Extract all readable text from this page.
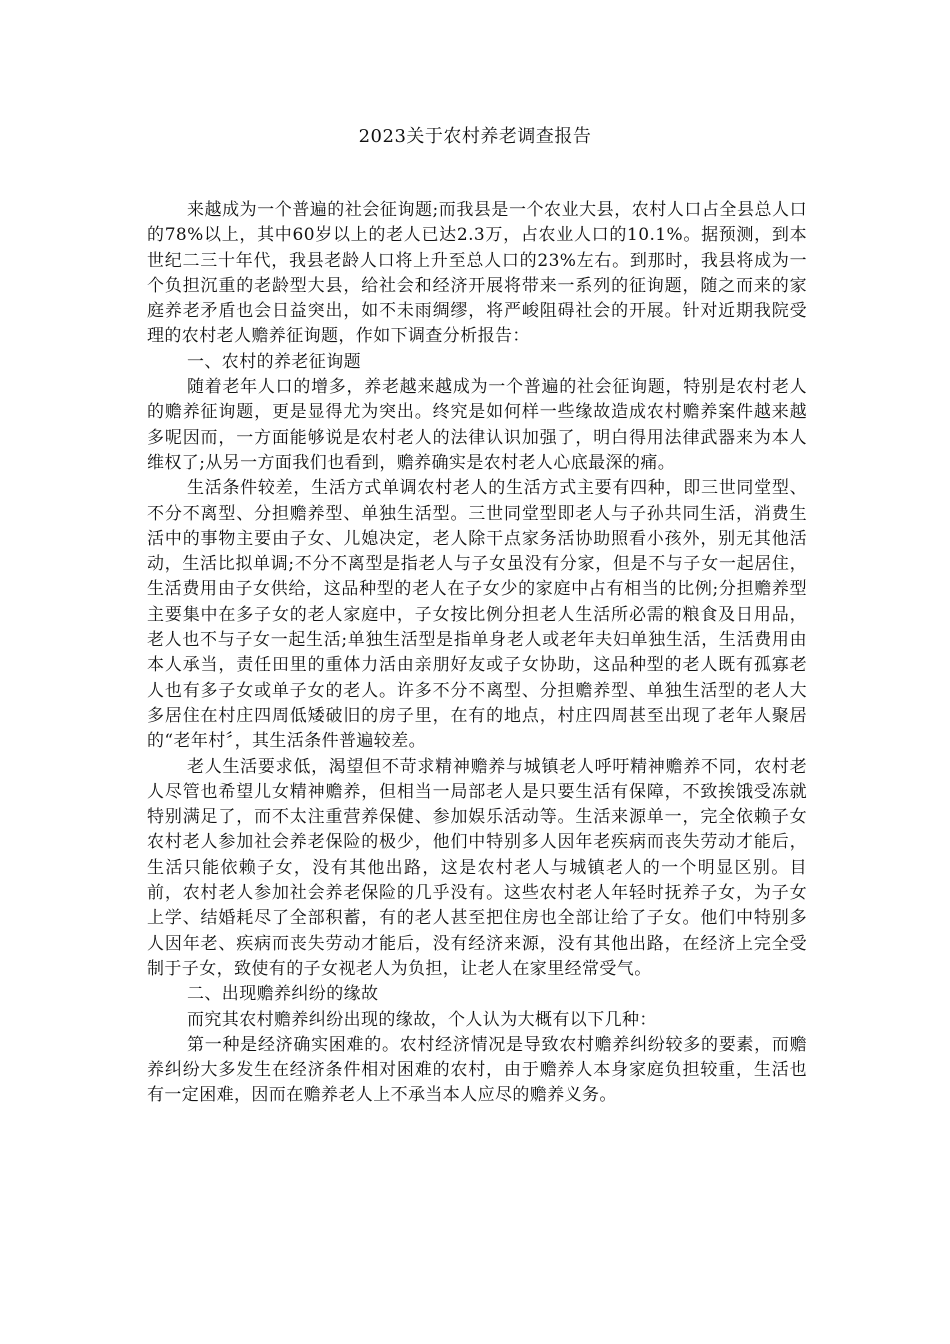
2023关于农村养老调查报告

来越成为一个普遍的社会征询题;而我县是一个农业大县，农村人口占全县总人口的78%以上，其中60岁以上的老人已达2.3万，占农业人口的10.1%。据预测，到本世纪二三十年代，我县老龄人口将上升至总人口的23%左右。到那时，我县将成为一个负担沉重的老龄型大县，给社会和经济开展将带来一系列的征询题，随之而来的家庭养老矛盾也会日益突出，如不未雨绸缪，将严峻阻碍社会的开展。针对近期我院受理的农村老人赡养征询题，作如下调查分析报告：

一、农村的养老征询题

随着老年人口的增多，养老越来越成为一个普遍的社会征询题，特别是农村老人的赡养征询题，更是显得尤为突出。终究是如何样一些缘故造成农村赡养案件越来越多呢因而，一方面能够说是农村老人的法律认识加强了，明白得用法律武器来为本人维权了;从另一方面我们也看到，赡养确实是农村老人心底最深的痛。

生活条件较差，生活方式单调农村老人的生活方式主要有四种，即三世同堂型、不分不离型、分担赡养型、单独生活型。三世同堂型即老人与子孙共同生活，消费生活中的事物主要由子女、儿媳决定，老人除干点家务活协助照看小孩外，别无其他活动，生活比拟单调;不分不离型是指老人与子女虽没有分家，但是不与子女一起居住，生活费用由子女供给，这品种型的老人在子女少的家庭中占有相当的比例;分担赡养型主要集中在多子女的老人家庭中，子女按比例分担老人生活所必需的粮食及日用品，老人也不与子女一起生活;单独生活型是指单身老人或老年夫妇单独生活，生活费用由本人承当，责任田里的重体力活由亲朋好友或子女协助，这品种型的老人既有孤寡老人也有多子女或单子女的老人。许多不分不离型、分担赡养型、单独生活型的老人大多居住在村庄四周低矮破旧的房子里，在有的地点，村庄四周甚至出现了老年人聚居的“老年村〞，其生活条件普遍较差。

老人生活要求低，渴望但不苛求精神赡养与城镇老人呼吁精神赡养不同，农村老人尽管也希望儿女精神赡养，但相当一局部老人是只要生活有保障，不致挨饿受冻就特别满足了，而不太注重营养保健、参加娱乐活动等。生活来源单一，完全依赖子女农村老人参加社会养老保险的极少，他们中特别多人因年老疾病而丧失劳动才能后，生活只能依赖子女，没有其他出路，这是农村老人与城镇老人的一个明显区别。目前，农村老人参加社会养老保险的几乎没有。这些农村老人年轻时抚养子女，为子女上学、结婚耗尽了全部积蓄，有的老人甚至把住房也全部让给了子女。他们中特别多人因年老、疾病而丧失劳动才能后，没有经济来源，没有其他出路，在经济上完全受制于子女，致使有的子女视老人为负担，让老人在家里经常受气。

二、出现赡养纠纷的缘故

而究其农村赡养纠纷出现的缘故，个人认为大概有以下几种：

第一种是经济确实困难的。农村经济情况是导致农村赡养纠纷较多的要素，而赡养纠纷大多发生在经济条件相对困难的农村，由于赡养人本身家庭负担较重，生活也有一定困难，因而在赡养老人上不承当本人应尽的赡养义务。
